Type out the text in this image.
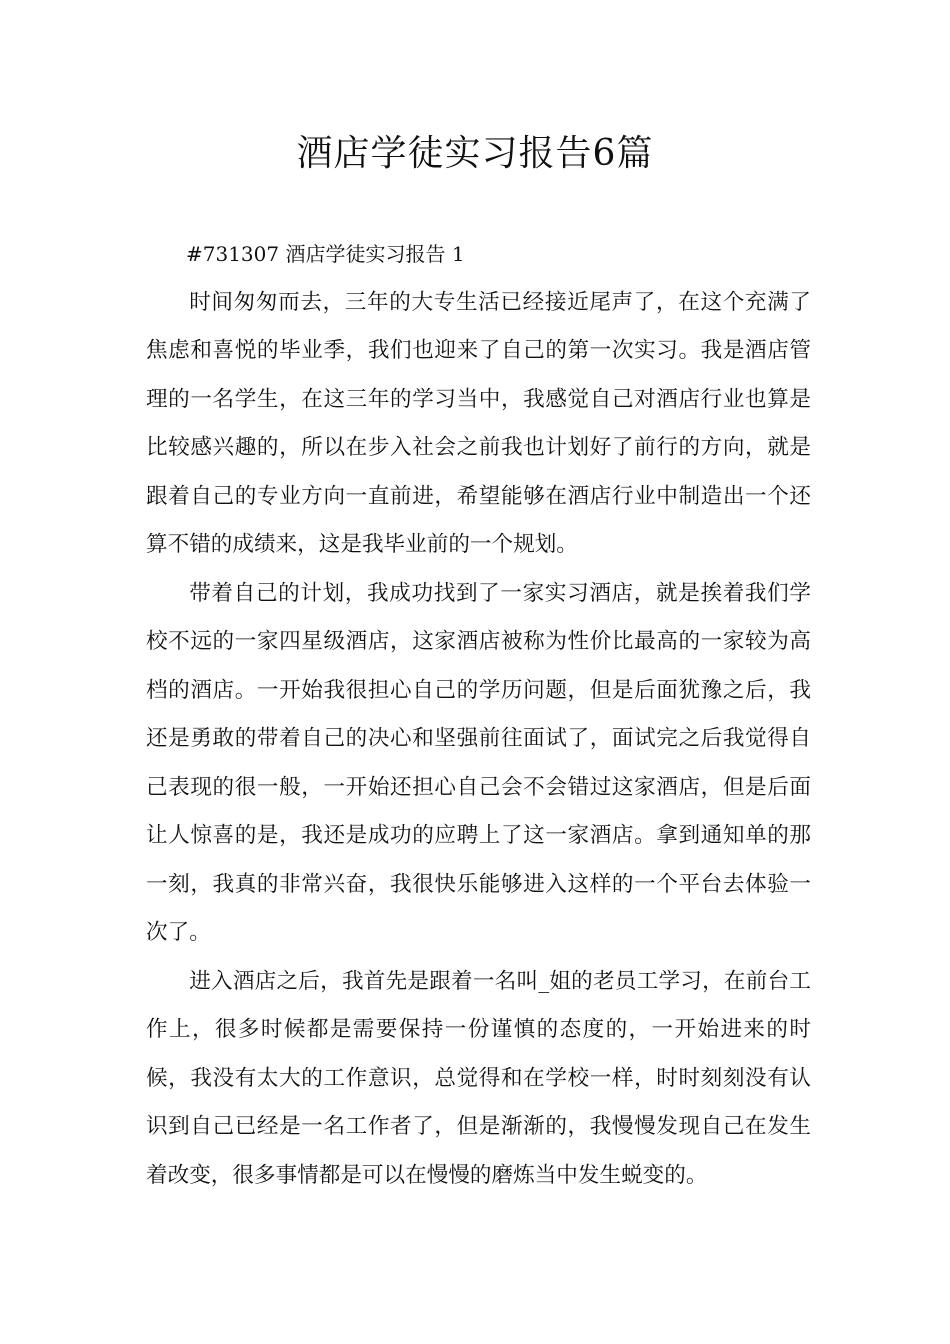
酒店学徒实习报告6篇

#731307 酒店学徒实习报告 1

时间匆匆而去，三年的大专生活已经接近尾声了，在这个充满了焦虑和喜悦的毕业季，我们也迎来了自己的第一次实习。我是酒店管理的一名学生，在这三年的学习当中，我感觉自己对酒店行业也算是比较感兴趣的，所以在步入社会之前我也计划好了前行的方向，就是跟着自己的专业方向一直前进，希望能够在酒店行业中制造出一个还算不错的成绩来，这是我毕业前的一个规划。

带着自己的计划，我成功找到了一家实习酒店，就是挨着我们学校不远的一家四星级酒店，这家酒店被称为性价比最高的一家较为高档的酒店。一开始我很担心自己的学历问题，但是后面犹豫之后，我还是勇敢的带着自己的决心和坚强前往面试了，面试完之后我觉得自己表现的很一般，一开始还担心自己会不会错过这家酒店，但是后面让人惊喜的是，我还是成功的应聘上了这一家酒店。拿到通知单的那一刻，我真的非常兴奋，我很快乐能够进入这样的一个平台去体验一次了。

进入酒店之后，我首先是跟着一名叫_姐的老员工学习，在前台工作上，很多时候都是需要保持一份谨慎的态度的，一开始进来的时候，我没有太大的工作意识，总觉得和在学校一样，时时刻刻没有认识到自己已经是一名工作者了，但是渐渐的，我慢慢发现自己在发生着改变，很多事情都是可以在慢慢的磨炼当中发生蜕变的。
